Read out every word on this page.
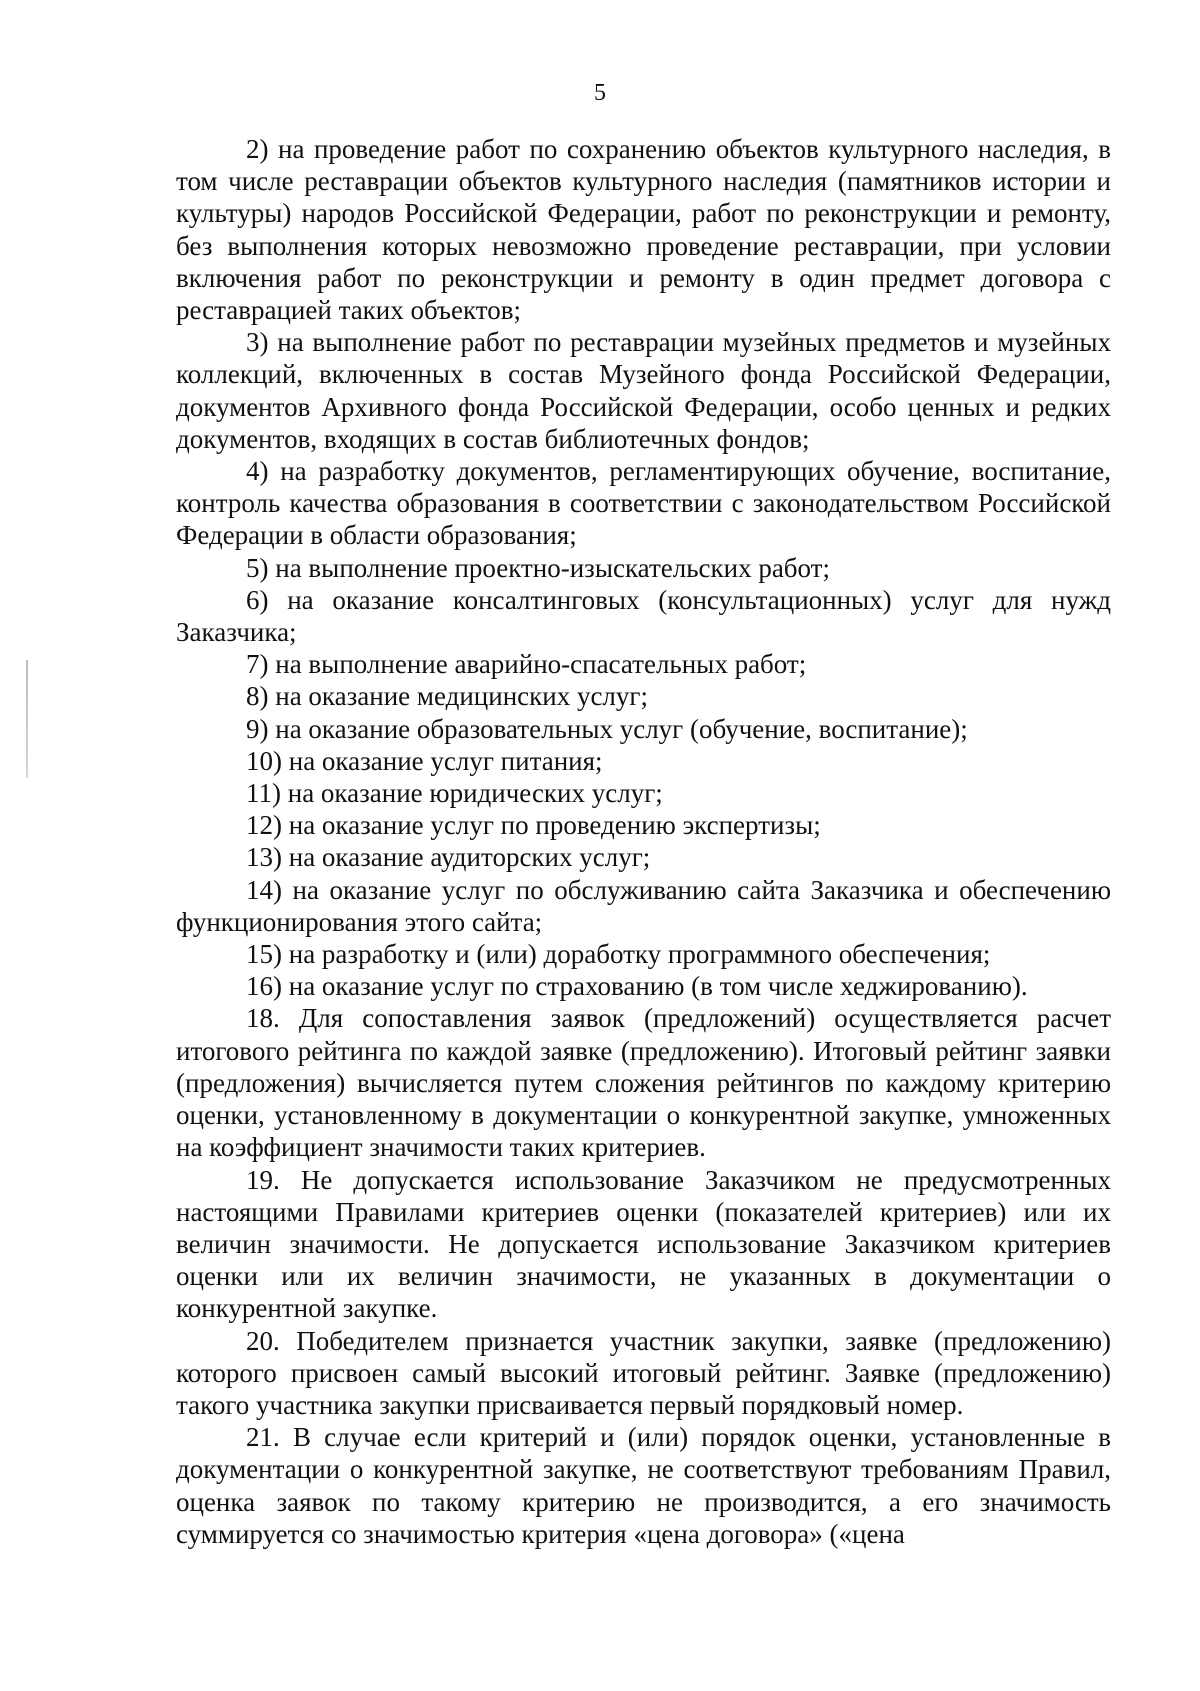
5

2) на проведение работ по сохранению объектов культурного наследия, в том числе реставрации объектов культурного наследия (памятников истории и культуры) народов Российской Федерации, работ по реконструкции и ремонту, без выполнения которых невозможно проведение реставрации, при условии включения работ по реконструкции и ремонту в один предмет договора с реставрацией таких объектов;

3) на выполнение работ по реставрации музейных предметов и музейных коллекций, включенных в состав Музейного фонда Российской Федерации, документов Архивного фонда Российской Федерации, особо ценных и редких документов, входящих в состав библиотечных фондов;

4) на разработку документов, регламентирующих обучение, воспитание, контроль качества образования в соответствии с законодательством Российской Федерации в области образования;

5) на выполнение проектно-изыскательских работ;

6) на оказание консалтинговых (консультационных) услуг для нужд Заказчика;

7) на выполнение аварийно-спасательных работ;

8) на оказание медицинских услуг;

9) на оказание образовательных услуг (обучение, воспитание);

10) на оказание услуг питания;

11) на оказание юридических услуг;

12) на оказание услуг по проведению экспертизы;

13) на оказание аудиторских услуг;

14) на оказание услуг по обслуживанию сайта Заказчика и обеспечению функционирования этого сайта;

15) на разработку и (или) доработку программного обеспечения;

16) на оказание услуг по страхованию (в том числе хеджированию).

18. Для сопоставления заявок (предложений) осуществляется расчет итогового рейтинга по каждой заявке (предложению). Итоговый рейтинг заявки (предложения) вычисляется путем сложения рейтингов по каждому критерию оценки, установленному в документации о конкурентной закупке, умноженных на коэффициент значимости таких критериев.

19. Не допускается использование Заказчиком не предусмотренных настоящими Правилами критериев оценки (показателей критериев) или их величин значимости. Не допускается использование Заказчиком критериев оценки или их величин значимости, не указанных в документации о конкурентной закупке.

20. Победителем признается участник закупки, заявке (предложению) которого присвоен самый высокий итоговый рейтинг. Заявке (предложению) такого участника закупки присваивается первый порядковый номер.

21. В случае если критерий и (или) порядок оценки, установленные в документации о конкурентной закупке, не соответствуют требованиям Правил, оценка заявок по такому критерию не производится, а его значимость суммируется со значимостью критерия «цена договора» («цена
